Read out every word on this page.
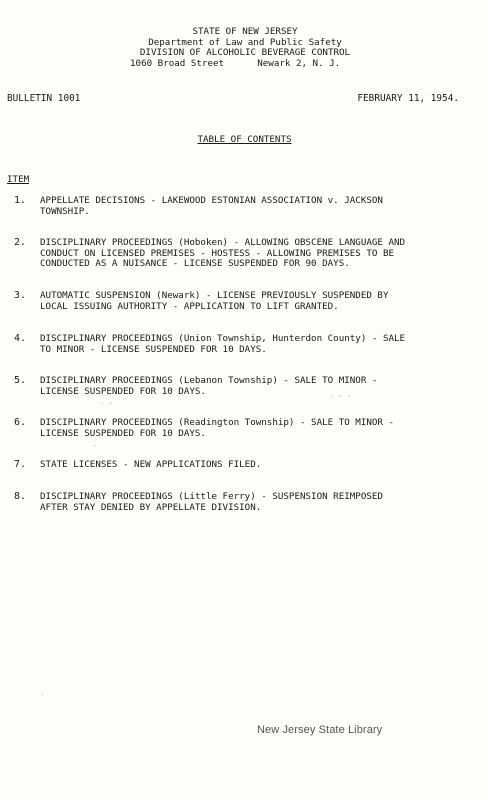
STATE OF NEW JERSEY
Department of Law and Public Safety
DIVISION OF ALCOHOLIC BEVERAGE CONTROL
1060 Broad Street      Newark 2, N. J.
BULLETIN 1001	FEBRUARY 11, 1954.
TABLE OF CONTENTS
ITEM
1.	APPELLATE DECISIONS - LAKEWOOD ESTONIAN ASSOCIATION v. JACKSON
TOWNSHIP.
2.	DISCIPLINARY PROCEEDINGS (Hoboken) - ALLOWING OBSCENE LANGUAGE AND
CONDUCT ON LICENSED PREMISES - HOSTESS - ALLOWING PREMISES TO BE
CONDUCTED AS A NUISANCE - LICENSE SUSPENDED FOR 90 DAYS.
3.	AUTOMATIC SUSPENSION (Newark) - LICENSE PREVIOUSLY SUSPENDED BY
LOCAL ISSUING AUTHORITY - APPLICATION TO LIFT GRANTED.
4.	DISCIPLINARY PROCEEDINGS (Union Township, Hunterdon County) - SALE
TO MINOR - LICENSE SUSPENDED FOR 10 DAYS.
5.	DISCIPLINARY PROCEEDINGS (Lebanon Township) - SALE TO MINOR -
LICENSE SUSPENDED FOR 10 DAYS.
6.	DISCIPLINARY PROCEEDINGS (Readington Township) - SALE TO MINOR -
LICENSE SUSPENDED FOR 10 DAYS.
7.	STATE LICENSES - NEW APPLICATIONS FILED.
8.	DISCIPLINARY PROCEEDINGS (Little Ferry) - SUSPENSION REIMPOSED
AFTER STAY DENIED BY APPELLATE DIVISION.
· ·
· · ·
·
·
New Jersey State Library
